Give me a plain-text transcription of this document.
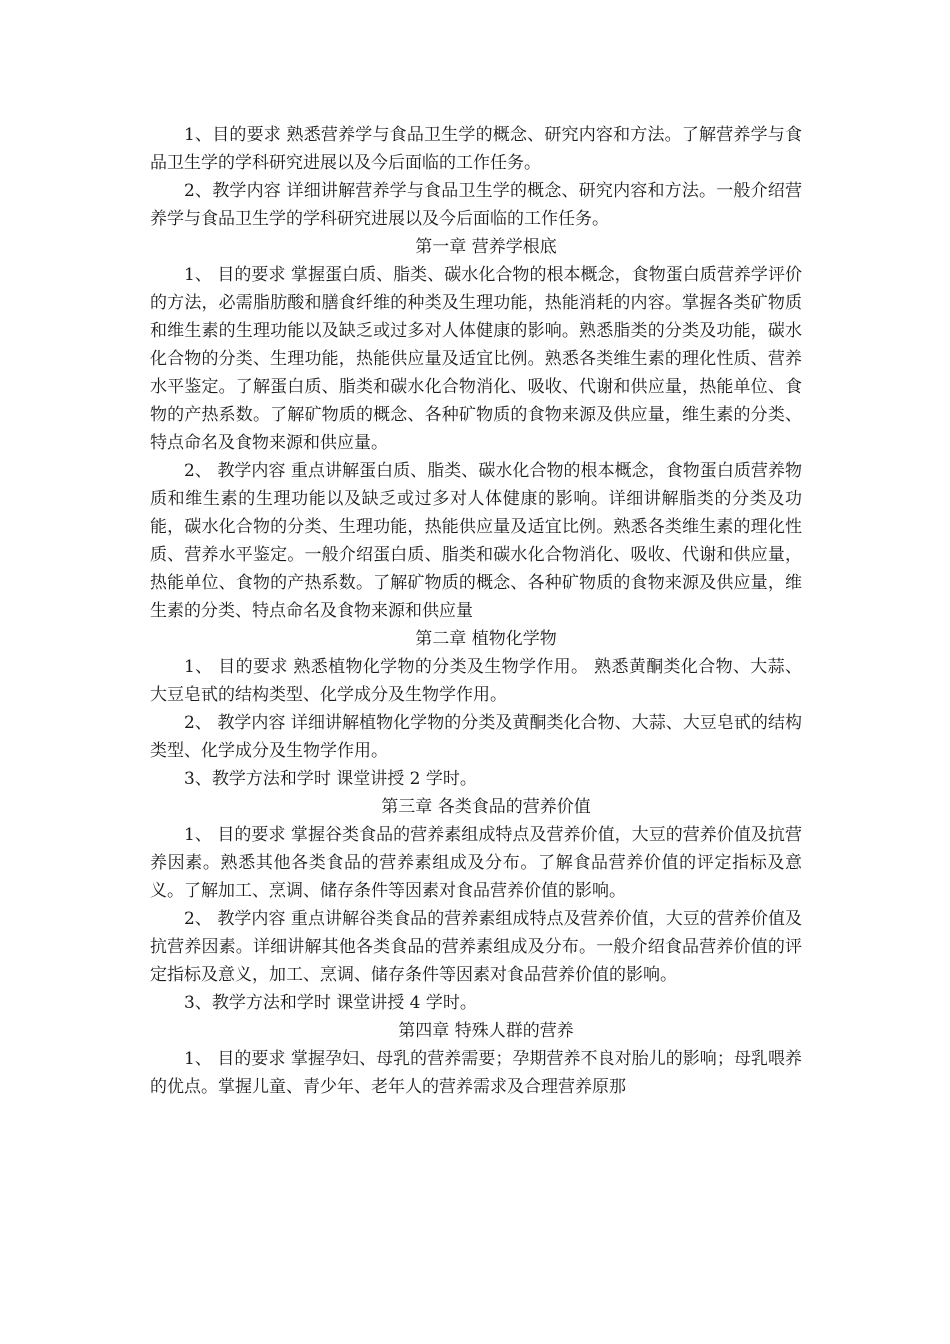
1、目的要求 熟悉营养学与食品卫生学的概念、研究内容和方法。了解营养学与食品卫生学的学科研究进展以及今后面临的工作任务。

2、教学内容 详细讲解营养学与食品卫生学的概念、研究内容和方法。一般介绍营养学与食品卫生学的学科研究进展以及今后面临的工作任务。

第一章 营养学根底

1、 目的要求 掌握蛋白质、脂类、碳水化合物的根本概念，食物蛋白质营养学评价的方法，必需脂肪酸和膳食纤维的种类及生理功能，热能消耗的内容。掌握各类矿物质和维生素的生理功能以及缺乏或过多对人体健康的影响。熟悉脂类的分类及功能，碳水化合物的分类、生理功能，热能供应量及适宜比例。熟悉各类维生素的理化性质、营养水平鉴定。了解蛋白质、脂类和碳水化合物消化、吸收、代谢和供应量，热能单位、食物的产热系数。了解矿物质的概念、各种矿物质的食物来源及供应量，维生素的分类、特点命名及食物来源和供应量。

2、 教学内容 重点讲解蛋白质、脂类、碳水化合物的根本概念，食物蛋白质营养物质和维生素的生理功能以及缺乏或过多对人体健康的影响。详细讲解脂类的分类及功能，碳水化合物的分类、生理功能，热能供应量及适宜比例。熟悉各类维生素的理化性质、营养水平鉴定。一般介绍蛋白质、脂类和碳水化合物消化、吸收、代谢和供应量，热能单位、食物的产热系数。了解矿物质的概念、各种矿物质的食物来源及供应量，维生素的分类、特点命名及食物来源和供应量

第二章 植物化学物

1、 目的要求 熟悉植物化学物的分类及生物学作用。 熟悉黄酮类化合物、大蒜、大豆皂甙的结构类型、化学成分及生物学作用。

2、 教学内容 详细讲解植物化学物的分类及黄酮类化合物、大蒜、大豆皂甙的结构类型、化学成分及生物学作用。

3、教学方法和学时 课堂讲授 2 学时。

第三章 各类食品的营养价值

1、 目的要求 掌握谷类食品的营养素组成特点及营养价值，大豆的营养价值及抗营养因素。熟悉其他各类食品的营养素组成及分布。了解食品营养价值的评定指标及意义。了解加工、烹调、储存条件等因素对食品营养价值的影响。

2、 教学内容 重点讲解谷类食品的营养素组成特点及营养价值，大豆的营养价值及抗营养因素。详细讲解其他各类食品的营养素组成及分布。一般介绍食品营养价值的评定指标及意义，加工、烹调、储存条件等因素对食品营养价值的影响。

3、教学方法和学时 课堂讲授 4 学时。

第四章 特殊人群的营养

1、 目的要求 掌握孕妇、母乳的营养需要；孕期营养不良对胎儿的影响；母乳喂养的优点。掌握儿童、青少年、老年人的营养需求及合理营养原那
